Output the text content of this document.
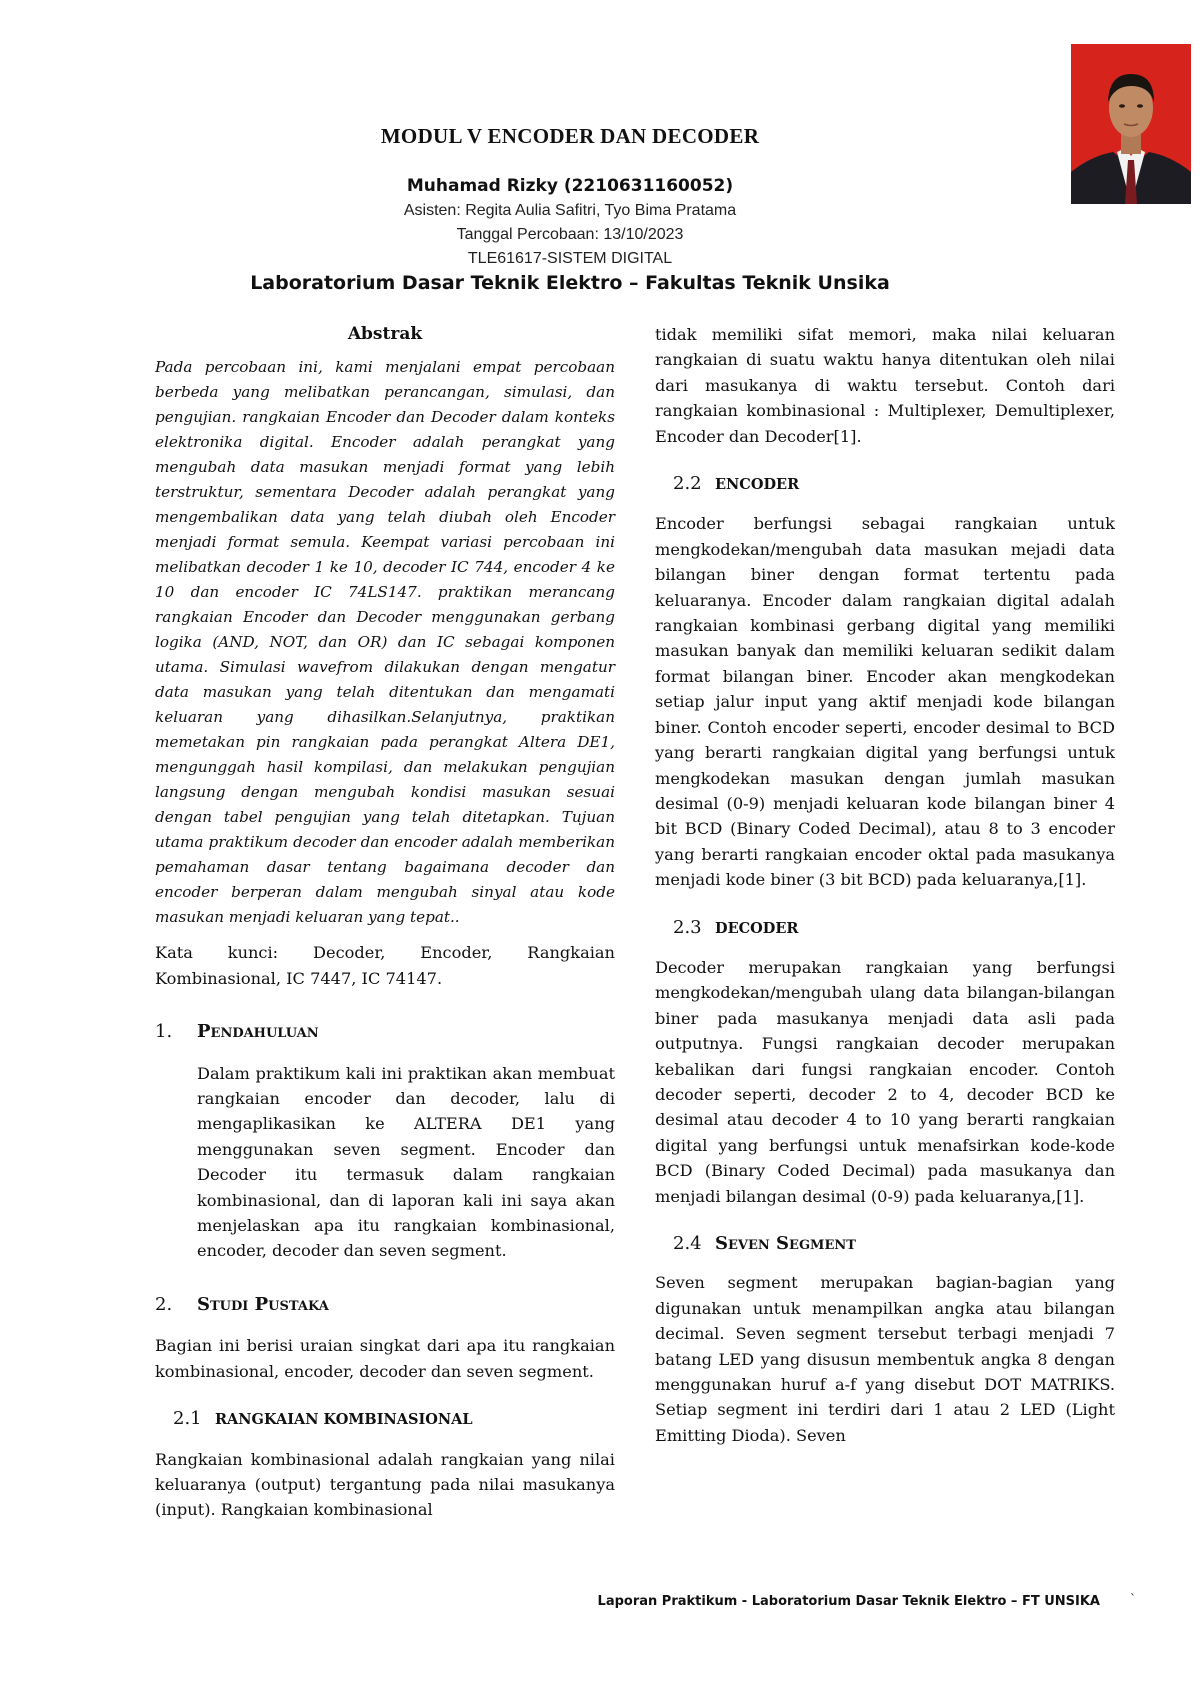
MODUL V ENCODER DAN DECODER
Muhamad Rizky (2210631160052)
Asisten: Regita Aulia Safitri, Tyo Bima Pratama
Tanggal Percobaan: 13/10/2023
TLE61617-SISTEM DIGITAL
Laboratorium Dasar Teknik Elektro – Fakultas Teknik Unsika
Abstrak

Pada percobaan ini, kami menjalani empat percobaan berbeda yang melibatkan perancangan, simulasi, dan pengujian. rangkaian Encoder dan Decoder dalam konteks elektronika digital. Encoder adalah perangkat yang mengubah data masukan menjadi format yang lebih terstruktur, sementara Decoder adalah perangkat yang mengembalikan data yang telah diubah oleh Encoder menjadi format semula. Keempat variasi percobaan ini melibatkan decoder 1 ke 10, decoder IC 744, encoder 4 ke 10 dan encoder IC 74LS147. praktikan merancang rangkaian Encoder dan Decoder menggunakan gerbang logika (AND, NOT, dan OR) dan IC sebagai komponen utama. Simulasi wavefrom dilakukan dengan mengatur data masukan yang telah ditentukan dan mengamati keluaran yang dihasilkan.Selanjutnya, praktikan memetakan pin rangkaian pada perangkat Altera DE1, mengunggah hasil kompilasi, dan melakukan pengujian langsung dengan mengubah kondisi masukan sesuai dengan tabel pengujian yang telah ditetapkan. Tujuan utama praktikum decoder dan encoder adalah memberikan pemahaman dasar tentang bagaimana decoder dan encoder berperan dalam mengubah sinyal atau kode masukan menjadi keluaran yang tepat..

Kata kunci: Decoder, Encoder, Rangkaian Kombinasional, IC 7447, IC 74147.

1.	Pendahuluan

Dalam praktikum kali ini praktikan akan membuat rangkaian encoder dan decoder, lalu di mengaplikasikan ke ALTERA DE1 yang menggunakan seven segment. Encoder dan Decoder itu termasuk dalam rangkaian kombinasional, dan di laporan kali ini saya akan menjelaskan apa itu rangkaian kombinasional, encoder, decoder dan seven segment.

2.	Studi Pustaka

Bagian ini berisi uraian singkat dari apa itu rangkaian kombinasional, encoder, decoder dan seven segment.

2.1 RANGKAIAN KOMBINASIONAL

Rangkaian kombinasional adalah rangkaian yang nilai keluaranya (output) tergantung pada nilai masukanya (input). Rangkaian kombinasional

tidak memiliki sifat memori, maka nilai keluaran rangkaian di suatu waktu hanya ditentukan oleh nilai dari masukanya di waktu tersebut. Contoh dari rangkaian kombinasional : Multiplexer, Demultiplexer, Encoder dan Decoder[1].

2.2 ENCODER

Encoder berfungsi sebagai rangkaian untuk mengkodekan/mengubah data masukan mejadi data bilangan biner dengan format tertentu pada keluaranya. Encoder dalam rangkaian digital adalah rangkaian kombinasi gerbang digital yang memiliki masukan banyak dan memiliki keluaran sedikit dalam format bilangan biner. Encoder akan mengkodekan setiap jalur input yang aktif menjadi kode bilangan biner. Contoh encoder seperti, encoder desimal to BCD yang berarti rangkaian digital yang berfungsi untuk mengkodekan masukan dengan jumlah masukan desimal (0-9) menjadi keluaran kode bilangan biner 4 bit BCD (Binary Coded Decimal), atau 8 to 3 encoder yang berarti rangkaian encoder oktal pada masukanya menjadi kode biner (3 bit BCD) pada keluaranya,[1].

2.3 DECODER

Decoder merupakan rangkaian yang berfungsi mengkodekan/mengubah ulang data bilangan-bilangan biner pada masukanya menjadi data asli pada outputnya. Fungsi rangkaian decoder merupakan kebalikan dari fungsi rangkaian encoder. Contoh decoder seperti, decoder 2 to 4, decoder BCD ke desimal atau decoder 4 to 10 yang berarti rangkaian digital yang berfungsi untuk menafsirkan kode-kode BCD (Binary Coded Decimal) pada masukanya dan menjadi bilangan desimal (0-9) pada keluaranya,[1].

2.4 Seven Segment

Seven segment merupakan bagian-bagian yang digunakan untuk menampilkan angka atau bilangan decimal. Seven segment tersebut terbagi menjadi 7 batang LED yang disusun membentuk angka 8 dengan menggunakan huruf a-f yang disebut DOT MATRIKS. Setiap segment ini terdiri dari 1 atau 2 LED (Light Emitting Dioda). Seven

Laporan Praktikum - Laboratorium Dasar Teknik Elektro – FT UNSIKA	`
